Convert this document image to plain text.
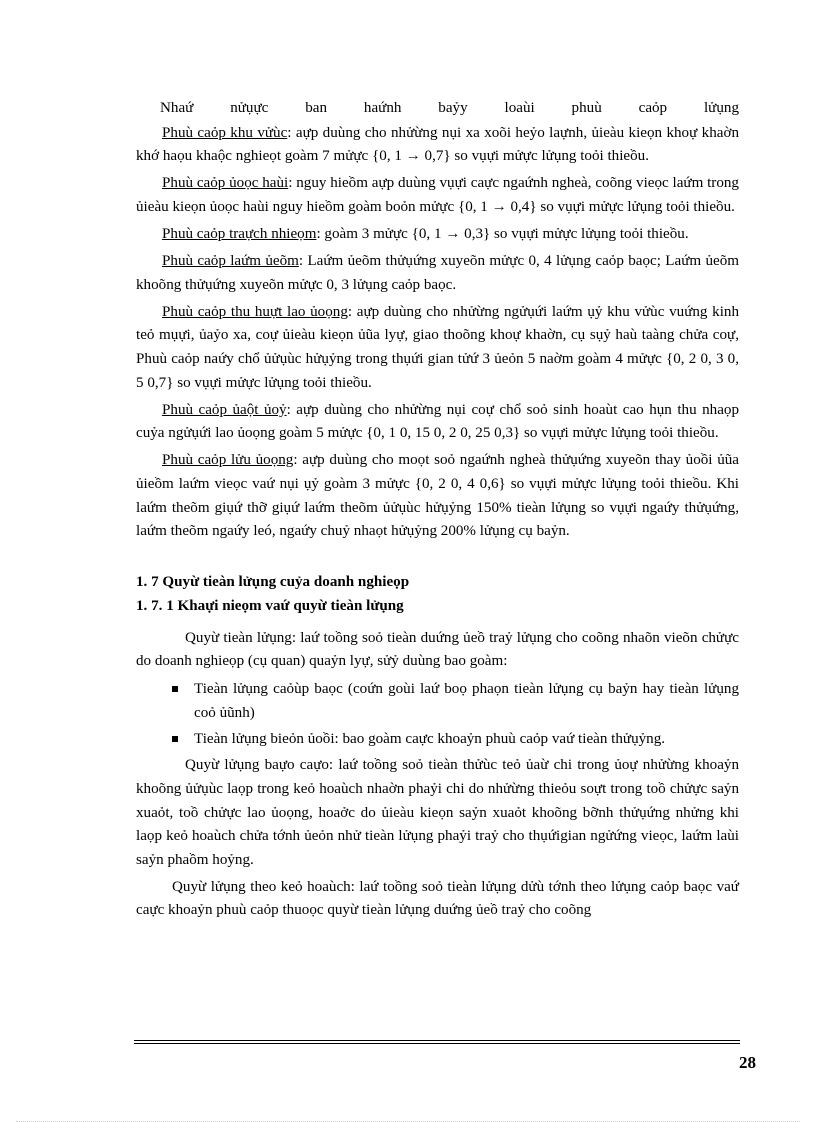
Nhaứ nửụực ban haứnh baỷy loaùi phuù caỏp lửụng

Phuù caỏp khu vửùc: aựp duùng cho nhửừng nụi xa xoõi heỷo laựnh, ủieàu kieọn khoự khaờn khớ haọu khaộc nghieọt goàm 7 mửực {0, 1 → 0,7} so vụựi mửực lửụng toỏi thieồu.

Phuù caỏp ủoọc haùi: nguy hieồm aựp duùng vụựi caực ngaứnh ngheà, coõng vieọc laứm trong ủieàu kieọn ủoọc haùi nguy hieồm goàm boỏn mửực {0, 1 → 0,4} so vụựi mửực lửụng toỏi thieồu.

Phuù caỏp traựch nhieọm: goàm 3 mửực {0, 1 → 0,3} so vụựi mửực lửụng toỏi thieồu.

Phuù caỏp laứm ủeõm: Laứm ủeõm thửụứng xuyeõn mửực 0, 4 lửụng caỏp baọc; Laứm ủeõm khoõng thửụứng xuyeõn mửực 0, 3 lửụng caỏp baọc.

Phuù caỏp thu huựt lao ủoọng: aựp duùng cho nhửừng ngửụứi laứm ụỷ khu vửùc vuứng kinh teỏ mụựi, ủaỷo xa, coự ủieàu kieọn ủũa lyự, giao thoõng khoự khaờn, cụ sụỷ haù taàng chửa coự, Phuù caỏp naứy chổ ủửụùc hửụỷng trong thụứi gian tửứ 3 ủeỏn 5 naờm goàm 4 mửực {0, 2 0, 3 0, 5 0,7} so vụựi mửực lửụng toỏi thieồu.

Phuù caỏp ủaột ủoỷ: aựp duùng cho nhửừng nụi coự chổ soỏ sinh hoaùt cao hụn thu nhaọp cuỷa ngửụứi lao ủoọng goàm 5 mửực {0, 1 0, 15 0, 2 0, 25 0,3} so vụựi mửực lửụng toỏi thieồu.

Phuù caỏp lửu ủoọng: aựp duùng cho moọt soỏ ngaứnh ngheà thửụứng xuyeõn thay ủoồi ủũa ủieồm laứm vieọc vaứ nụi ụỷ goàm 3 mửực {0, 2 0, 4 0,6} so vụựi mửực lửụng toỏi thieồu. Khi laứm theõm giụứ thỡ giụứ laứm theõm ủửụùc hửụỷng 150% tieàn lửụng so vụựi ngaứy thửụứng, laứm theõm ngaứy leó, ngaứy chuỷ nhaọt hửụỷng 200% lửụng cụ baỷn.

1. 7 Quyừ tieàn lửụng cuỷa doanh nghieọp

1. 7. 1 Khaựi nieọm vaứ quyừ tieàn lửụng

Quyừ tieàn lửụng: laứ toồng soỏ tieàn duứng ủeồ traỷ lửụng cho coõng nhaõn vieõn chửực do doanh nghieọp (cụ quan) quaỷn lyự, sửỷ duùng bao goàm:

Tieàn lửụng caỏùp baọc (coứn goùi laứ boọ phaọn tieàn lửụng cụ baỷn hay tieàn lửụng coỏ ủũnh)
Tieàn lửụng bieỏn ủoồi: bao goàm caực khoaỷn phuù caỏp vaứ tieàn thửụỷng.

Quyừ lửụng baựo caựo: laứ toồng soỏ tieàn thửùc teỏ ủaừ chi trong ủoự nhửừng khoaỷn khoõng ủửụùc laọp trong keỏ hoaùch nhaờn phaỷi chi do nhửừng thieỏu soựt trong toồ chửực saỷn xuaỏt, toồ chửực lao ủoọng, hoaởc do ủieàu kieọn saỷn xuaỏt khoõng bỡnh thửụứng nhửng khi laọp keỏ hoaùch chửa tớnh ủeỏn nhử tieàn lửụng phaỷi traỷ cho thụứigian ngửứng vieọc, laứm laùi saỷn phaồm hoỷng.

Quyừ lửụng theo keỏ hoaùch: laứ toồng soỏ tieàn lửụng dửù tớnh theo lửụng caỏp baọc vaứ caực khoaỷn phuù caỏp thuoọc quyừ tieàn lửụng duứng ủeồ traỷ cho coõng

28
